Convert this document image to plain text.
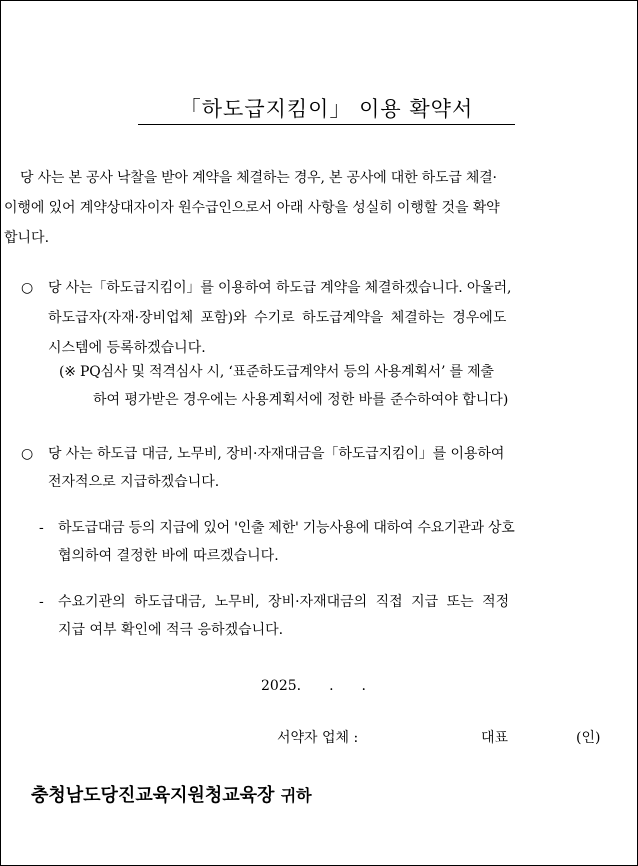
「하도급지킴이」 이용 확약서
당 사는 본 공사 낙찰을 받아 계약을 체결하는 경우, 본 공사에 대한 하도급 체결·
이행에 있어 계약상대자이자 원수급인으로서 아래 사항을 성실히 이행할 것을 확약
합니다.
○ 당 사는「하도급지킴이」를 이용하여 하도급 계약을 체결하겠습니다. 아울러,
하도급자(자재·장비업체 포함)와 수기로 하도급계약을 체결하는 경우에도
시스템에 등록하겠습니다.
(※ PQ심사 및 적격심사 시, ‘표준하도급계약서 등의 사용계획서’ 를 제출
하여 평가받은 경우에는 사용계획서에 정한 바를 준수하여야 합니다)
○ 당 사는 하도급 대금, 노무비, 장비·자재대금을「하도급지킴이」를 이용하여
전자적으로 지급하겠습니다.
- 하도급대금 등의 지급에 있어 '인출 제한' 기능사용에 대하여 수요기관과 상호
협의하여 결정한 바에 따르겠습니다.
- 수요기관의 하도급대금, 노무비, 장비·자재대금의 직접 지급 또는 적정
지급 여부 확인에 적극 응하겠습니다.
2025.　　.　　.
서약자 업체 :	대표	(인)
충청남도당진교육지원청교육장 귀하
